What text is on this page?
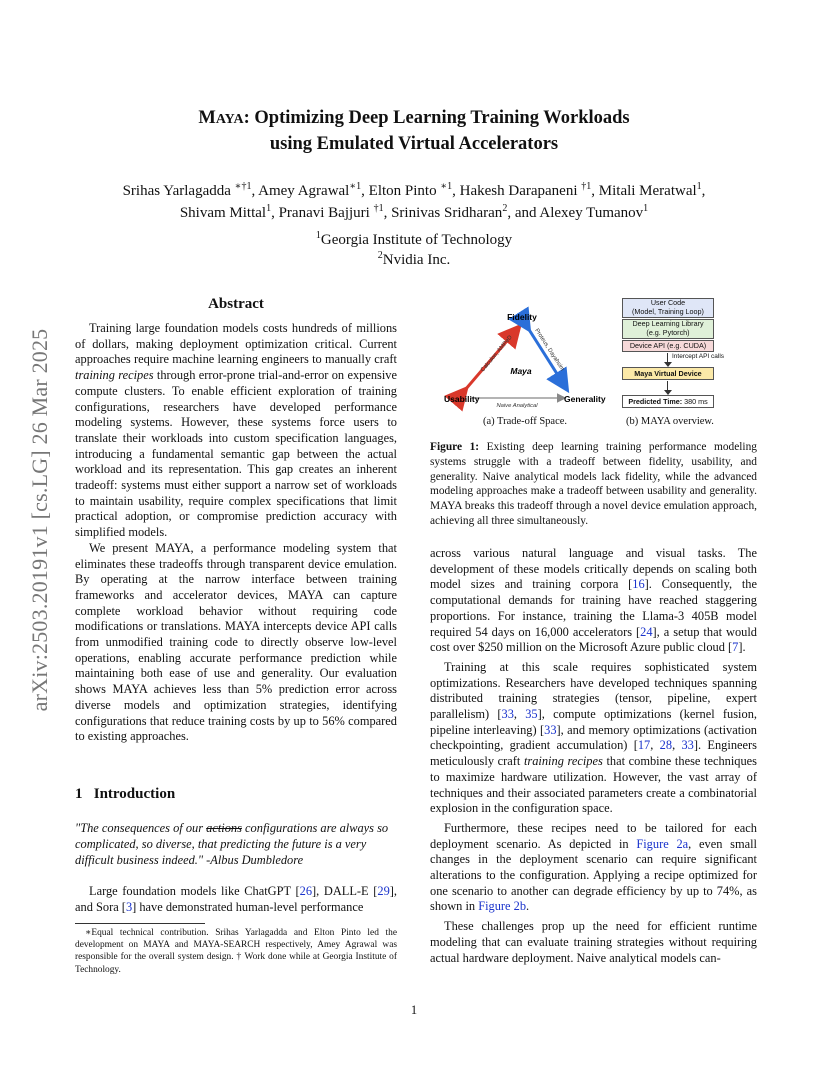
arXiv:2503.20191v1 [cs.LG] 26 Mar 2025
MAYA: Optimizing Deep Learning Training Workloads
using Emulated Virtual Accelerators
Srihas Yarlagadda $^{∗\dagger 1}$, Amey Agrawal$^{∗1}$, Elton Pinto $^{∗1}$, Hakesh Darapaneni $^{\dagger 1}$, Mitali Meratwal$^1$,
Shivam Mittal$^1$, Pranavi Bajjuri $^{\dagger 1}$, Srinivas Sridharan$^2$, and Alexey Tumanov$^1$
$^1$Georgia Institute of Technology
$^2$Nvidia Inc.
Abstract

Training large foundation models costs hundreds of millions of dollars, making deployment optimization critical. Current approaches require machine learning engineers to manually craft training recipes through error-prone trial-and-error on expensive compute clusters. To enable efficient exploration of training configurations, researchers have developed performance modeling systems. However, these systems force users to translate their workloads into custom specification languages, introducing a fundamental semantic gap between the actual workload and its representation. This gap creates an inherent tradeoff: systems must either support a narrow set of workloads to maintain usability, require complex specifications that limit practical adoption, or compromise prediction accuracy with simplified models.

We present MAYA, a performance modeling system that eliminates these tradeoffs through transparent device emulation. By operating at the narrow interface between training frameworks and accelerator devices, MAYA can capture complete workload behavior without requiring code modifications or translations. MAYA intercepts device API calls from unmodified training code to directly observe low-level operations, enabling accurate performance prediction while maintaining both ease of use and generality. Our evaluation shows MAYA achieves less than 5% prediction error across diverse models and optimization strategies, identifying configurations that reduce training costs by up to 56% compared to existing approaches.

1 Introduction
"The consequences of our actions configurations are always so complicated, so diverse, that predicting the future is a very difficult business indeed." -Albus Dumbledore
Large foundation models like ChatGPT [26], DALL-E [29], and Sora [3] have demonstrated human-level performance
∗Equal technical contribution. Srihas Yarlagadda and Elton Pinto led the development on MAYA and MAYA-SEARCH respectively, Amey Agrawal was responsible for the overall system design. † Work done while at Georgia Institute of Technology.
Fidelity
Usability	Generality
Maya
Calculon, AMPeD	Proteus, Dayahsim
Naive Analytical
(a) Trade-off Space.
User Code
(Model, Training Loop)
Deep Learning Library
(e.g. Pytorch)
Device API (e.g. CUDA)
Intercept API calls
Maya Virtual Device
Predicted Time: 380 ms
(b) MAYA overview.
Figure 1: Existing deep learning training performance modeling systems struggle with a tradeoff between fidelity, usability, and generality. Naive analytical models lack fidelity, while the advanced modeling approaches make a tradeoff between usability and generality. MAYA breaks this tradeoff through a novel device emulation approach, achieving all three simultaneously.

across various natural language and visual tasks. The development of these models critically depends on scaling both model sizes and training corpora [16]. Consequently, the computational demands for training have reached staggering proportions. For instance, training the Llama-3 405B model required 54 days on 16,000 accelerators [24], a setup that would cost over $250 million on the Microsoft Azure public cloud [7].

Training at this scale requires sophisticated system optimizations. Researchers have developed techniques spanning distributed training strategies (tensor, pipeline, expert parallelism) [33, 35], compute optimizations (kernel fusion, pipeline interleaving) [33], and memory optimizations (activation checkpointing, gradient accumulation) [17, 28, 33]. Engineers meticulously craft training recipes that combine these techniques to maximize hardware utilization. However, the vast array of techniques and their associated parameters create a combinatorial explosion in the configuration space.

Furthermore, these recipes need to be tailored for each deployment scenario. As depicted in Figure 2a, even small changes in the deployment scenario can require significant alterations to the configuration. Applying a recipe optimized for one scenario to another can degrade efficiency by up to 74%, as shown in Figure 2b.

These challenges prop up the need for efficient runtime modeling that can evaluate training strategies without requiring actual hardware deployment. Naive analytical models can-

1
